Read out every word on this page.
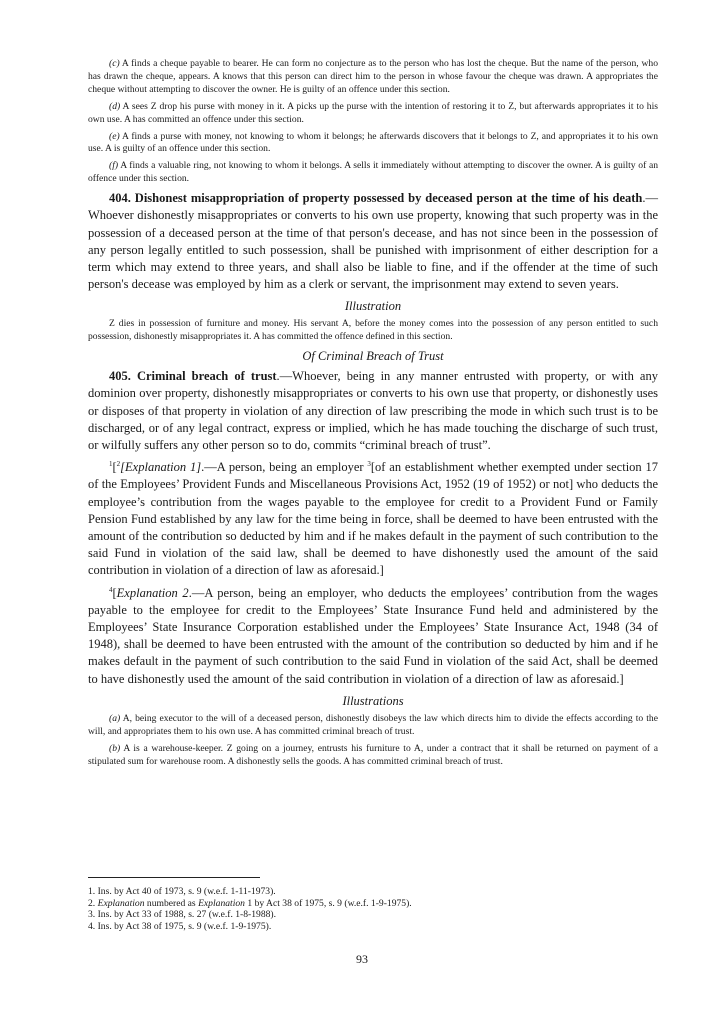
(c) A finds a cheque payable to bearer. He can form no conjecture as to the person who has lost the cheque. But the name of the person, who has drawn the cheque, appears. A knows that this person can direct him to the person in whose favour the cheque was drawn. A appropriates the cheque without attempting to discover the owner. He is guilty of an offence under this section.

(d) A sees Z drop his purse with money in it. A picks up the purse with the intention of restoring it to Z, but afterwards appropriates it to his own use. A has committed an offence under this section.

(e) A finds a purse with money, not knowing to whom it belongs; he afterwards discovers that it belongs to Z, and appropriates it to his own use. A is guilty of an offence under this section.

(f) A finds a valuable ring, not knowing to whom it belongs. A sells it immediately without attempting to discover the owner. A is guilty of an offence under this section.

404. Dishonest misappropriation of property possessed by deceased person at the time of his death.—Whoever dishonestly misappropriates or converts to his own use property, knowing that such property was in the possession of a deceased person at the time of that person's decease, and has not since been in the possession of any person legally entitled to such possession, shall be punished with imprisonment of either description for a term which may extend to three years, and shall also be liable to fine, and if the offender at the time of such person's decease was employed by him as a clerk or servant, the imprisonment may extend to seven years.

Illustration

Z dies in possession of furniture and money. His servant A, before the money comes into the possession of any person entitled to such possession, dishonestly misappropriates it. A has committed the offence defined in this section.

Of Criminal Breach of Trust

405. Criminal breach of trust.—Whoever, being in any manner entrusted with property, or with any dominion over property, dishonestly misappropriates or converts to his own use that property, or dishonestly uses or disposes of that property in violation of any direction of law prescribing the mode in which such trust is to be discharged, or of any legal contract, express or implied, which he has made touching the discharge of such trust, or wilfully suffers any other person so to do, commits “criminal breach of trust”.

$^1$[$^2$[Explanation 1].—A person, being an employer $^3$[of an establishment whether exempted under section 17 of the Employees’ Provident Funds and Miscellaneous Provisions Act, 1952 (19 of 1952) or not] who deducts the employee’s contribution from the wages payable to the employee for credit to a Provident Fund or Family Pension Fund established by any law for the time being in force, shall be deemed to have been entrusted with the amount of the contribution so deducted by him and if he makes default in the payment of such contribution to the said Fund in violation of the said law, shall be deemed to have dishonestly used the amount of the said contribution in violation of a direction of law as aforesaid.]

$^4$[Explanation 2.—A person, being an employer, who deducts the employees’ contribution from the wages payable to the employee for credit to the Employees’ State Insurance Fund held and administered by the Employees’ State Insurance Corporation established under the Employees’ State Insurance Act, 1948 (34 of 1948), shall be deemed to have been entrusted with the amount of the contribution so deducted by him and if he makes default in the payment of such contribution to the said Fund in violation of the said Act, shall be deemed to have dishonestly used the amount of the said contribution in violation of a direction of law as aforesaid.]

Illustrations

(a) A, being executor to the will of a deceased person, dishonestly disobeys the law which directs him to divide the effects according to the will, and appropriates them to his own use. A has committed criminal breach of trust.

(b) A is a warehouse-keeper. Z going on a journey, entrusts his furniture to A, under a contract that it shall be returned on payment of a stipulated sum for warehouse room. A dishonestly sells the goods. A has committed criminal breach of trust.

1. Ins. by Act 40 of 1973, s. 9 (w.e.f. 1-11-1973).
2. Explanation numbered as Explanation 1 by Act 38 of 1975, s. 9 (w.e.f. 1-9-1975).
3. Ins. by Act 33 of 1988, s. 27 (w.e.f. 1-8-1988).
4. Ins. by Act 38 of 1975, s. 9 (w.e.f. 1-9-1975).
93
